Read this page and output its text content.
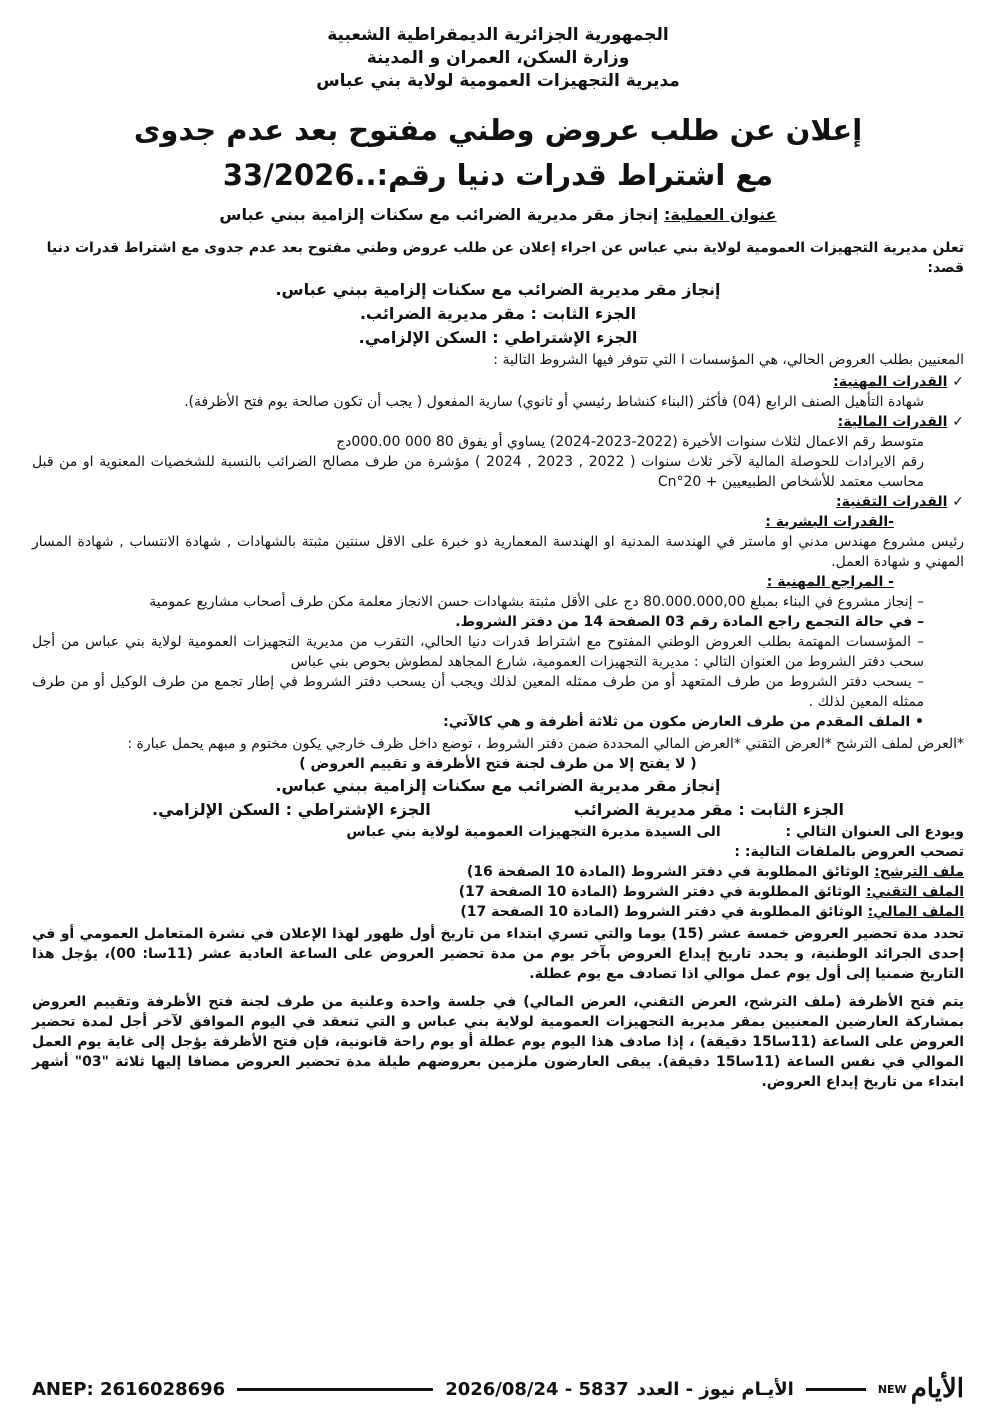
الجمهورية الجزائرية الديمقراطية الشعبية
وزارة السكن، العمران و المدينة
مديرية التجهيزات العمومية لولاية بني عباس
إعلان عن طلب عروض وطني مفتوح بعد عدم جدوى
مع اشتراط قدرات دنيا رقم:..33/2026
عنوان العملية: إنجاز مقر مديرية الضرائب مع سكنات إلزامية ببني عباس
تعلن مديرية التجهيزات العمومية لولاية بني عباس عن اجراء إعلان عن طلب عروض وطني مفتوح بعد عدم جدوى مع اشتراط قدرات دنيا قصد:
إنجاز مقر مديرية الضرائب مع سكنات إلزامية ببني عباس.
الجزء الثابت : مقر مديرية الضرائب.
الجزء الإشتراطي : السكن الإلزامي.
المعنيين بطلب العروض الحالي، هي المؤسسات ا التي تتوفر فيها الشروط التالية :
✓ القدرات المهنية:
شهادة التأهيل الصنف الرابع (04) فأكثر (البناء كنشاط رئيسي أو ثانوي) سارية المفعول ( يجب أن تكون صالحة يوم فتح الأظرفة).
✓ القدرات المالية:
متوسط رقم الاعمال لثلاث سنوات الأخيرة (2022-2023-2024) يساوي أو يفوق 80 000 000.00دج
رقم الايرادات للحوصلة المالية لآخر ثلاث سنوات ( 2022 , 2023 , 2024 ) مؤشرة من طرف مصالح الضرائب بالنسبة للشخصيات المعنوية او من قبل محاسب معتمد للأشخاص الطبيعيين + Cn°20
✓ القدرات التقنية:
-القدرات البشرية :
رئيس مشروع مهندس مدني او ماستر في الهندسة المدنية او الهندسة المعمارية ذو خبرة على الاقل سنتين مثبتة بالشهادات , شهادة الانتساب , شهادة المسار المهني و شهادة العمل.
- المراجع المهنية :
– إنجاز مشروع في البناء بمبلغ 80.000.000,00 دج على الأقل مثبتة بشهادات حسن الانجاز معلمة مكن طرف أصحاب مشاريع عمومية
– في حالة التجمع راجع المادة رقم 03 الصفحة 14 من دفتر الشروط.
– المؤسسات المهتمة بطلب العروض الوطني المفتوح مع اشتراط قدرات دنيا الحالي، التقرب من مديرية التجهيزات العمومية لولاية بني عباس من أجل سحب دفتر الشروط من العنوان التالي : مديرية التجهيزات العمومية، شارع المجاهد لمطوش بحوص بني عباس
– يسحب دفتر الشروط من طرف المتعهد أو من طرف ممثله المعين لذلك ويجب أن يسحب دفتر الشروط في إطار تجمع من طرف الوكيل أو من طرف ممثله المعين لذلك .
• الملف المقدم من طرف العارض مكون من ثلاثة أظرفة و هي كالآتي:
*العرض لملف الترشح *العرض التقني *العرض المالي المحددة ضمن دفتر الشروط ، توضع داخل ظرف خارجي يكون مختوم و مبهم يحمل عبارة :
( لا يفتح إلا من طرف لجنة فتح الأظرفة و تقييم العروض )
إنجاز مقر مديرية الضرائب مع سكنات إلزامية ببني عباس.
الجزء الثابت : مقر مديرية الضرائب
الجزء الإشتراطي : السكن الإلزامي.
ويودع الى العنوان التالي : الى السيدة مديرة التجهيزات العمومية لولاية بني عباس
تصحب العروض بالملفات التالية: :
ملف الترشح: الوثائق المطلوبة في دفتر الشروط (المادة 10 الصفحة 16)
الملف التقني: الوثائق المطلوبة في دفتر الشروط (المادة 10 الصفحة 17)
الملف المالي: الوثائق المطلوبة في دفتر الشروط (المادة 10 الصفحة 17)
تحدد مدة تحضير العروض خمسة عشر (15) يوما والتي تسري ابتداء من تاريخ أول ظهور لهذا الإعلان في نشرة المتعامل العمومي أو في إحدى الجرائد الوطنية، و يحدد تاريخ إيداع العروض بآخر يوم من مدة تحضير العروض على الساعة العادية عشر (11سا: 00)، يؤجل هذا التاريخ ضمنيا إلى أول يوم عمل موالي اذا تصادف مع يوم عطلة.
يتم فتح الأظرفة (ملف الترشح، العرض التقني، العرض المالي) في جلسة واحدة وعلنية من طرف لجنة فتح الأظرفة وتقييم العروض بمشاركة العارضين المعنيين بمقر مديرية التجهيزات العمومية لولاية بني عباس و التي تنعقد في اليوم الموافق لآخر أجل لمدة تحضير العروض على الساعة (11سا15 دقيقة) ، إذا صادف هذا اليوم يوم عطلة أو يوم راحة قانونية، فإن فتح الأظرفة يؤجل إلى غاية يوم العمل الموالي في نفس الساعة (11سا15 دقيقة). يبقى العارضون ملزمين بعروضهم طيلة مدة تحضير العروض مضافا إليها ثلاثة "03" أشهر ابتداء من تاريخ إيداع العروض.
ANEP: 2616028696	2026/08/24 - 5837 الأيـام نيوز - العدد	NEW الأيام
